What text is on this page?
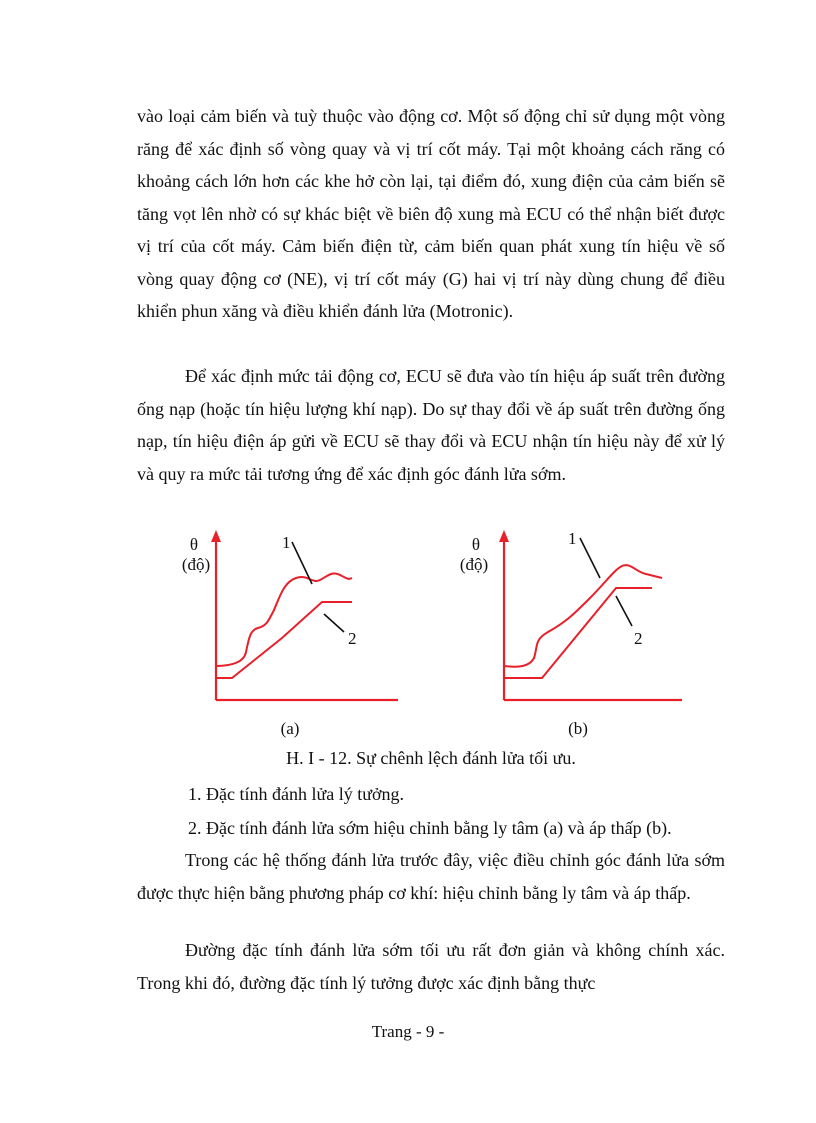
vào loại cảm biến và tuỳ thuộc vào động cơ. Một số động chỉ sử dụng một vòng răng để xác định số vòng quay và vị trí cốt máy. Tại một khoảng cách răng có khoảng cách lớn hơn các khe hở còn lại, tại điểm đó, xung điện của cảm biến sẽ tăng vọt lên nhờ có sự khác biệt về biên độ xung mà ECU có thể nhận biết được vị trí của cốt máy. Cảm biến điện từ, cảm biến quan phát xung tín hiệu về số vòng quay động cơ (NE), vị trí cốt máy (G) hai vị trí này dùng chung để điều khiển phun xăng và điều khiển đánh lửa (Motronic).

Để xác định mức tải động cơ, ECU sẽ đưa vào tín hiệu áp suất trên đường ống nạp (hoặc tín hiệu lượng khí nạp). Do sự thay đổi về áp suất trên đường ống nạp, tín hiệu điện áp gửi về ECU sẽ thay đổi và ECU nhận tín hiệu này để xử lý và quy ra mức tải tương ứng để xác định góc đánh lửa sớm.

1
2
θ
(độ)
(a)
1
2
θ
(độ)
(b)

H. I - 12. Sự chênh lệch đánh lửa tối ưu.

1. Đặc tính đánh lửa lý tưởng.

2. Đặc tính đánh lửa sớm hiệu chỉnh bằng ly tâm (a) và áp thấp (b).

Trong các hệ thống đánh lửa trước đây, việc điều chỉnh góc đánh lửa sớm được thực hiện bằng phương pháp cơ khí: hiệu chỉnh bằng ly tâm và áp thấp.

Đường đặc tính đánh lửa sớm tối ưu rất đơn giản và không chính xác. Trong khi đó, đường đặc tính lý tưởng được xác định bằng thực

Trang - 9 -
